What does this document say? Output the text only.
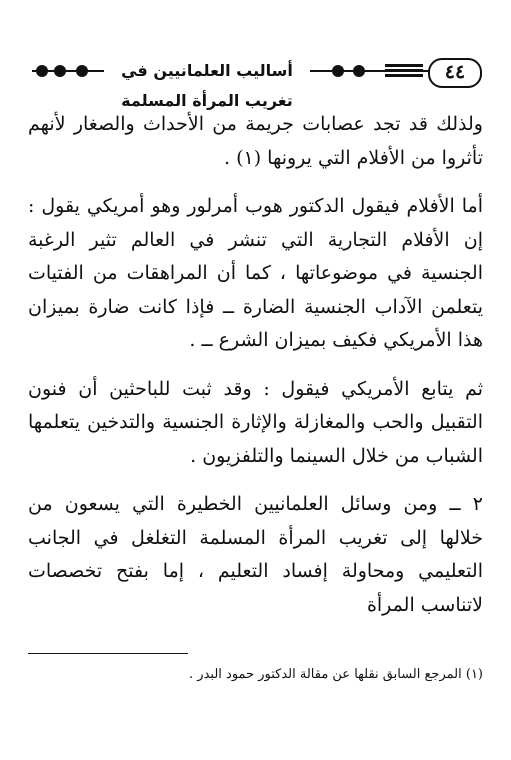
أساليب العلمانيين في تغريب المرأة المسلمة
٤٤

ولذلك قد تجد عصابات جريمة من الأحداث والصغار لأنهم تأثروا من الأفلام التي يرونها (١) .

أما الأفلام فيقول الدكتور هوب أمرلور وهو أمريكي يقول : إن الأفلام التجارية التي تنشر في العالم تثير الرغبة الجنسية في موضوعاتها ، كما أن المراهقات من الفتيات يتعلمن الآداب الجنسية الضارة ــ فإذا كانت ضارة بميزان هذا الأمريكي فكيف بميزان الشرع ــ .

ثم يتابع الأمريكي فيقول : وقد ثبت للباحثين أن فنون التقبيل والحب والمغازلة والإثارة الجنسية والتدخين يتعلمها الشباب من خلال السينما والتلفزيون .

٢ ــ ومن وسائل العلمانيين الخطيرة التي يسعون من خلالها إلى تغريب المرأة المسلمة التغلغل في الجانب التعليمي ومحاولة إفساد التعليم ، إما بفتح تخصصات لاتناسب المرأة

(١) المرجع السابق نقلها عن مقالة الدكتور حمود البدر .
